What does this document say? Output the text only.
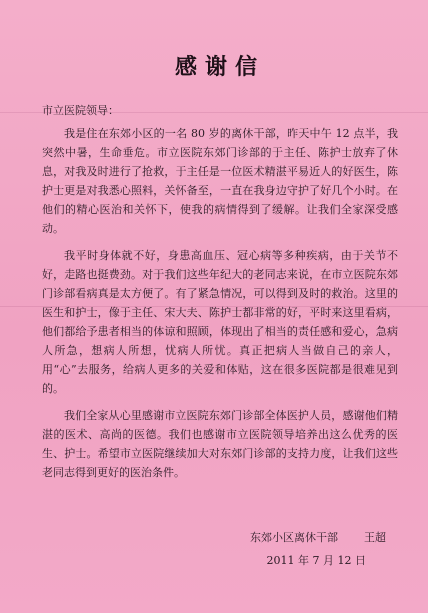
感谢信

市立医院领导：

我是住在东郊小区的一名 80 岁的离休干部，昨天中午 12 点半，我突然中暑，生命垂危。市立医院东郊门诊部的于主任、陈护士放弃了休息，对我及时进行了抢救，于主任是一位医术精湛平易近人的好医生，陈护士更是对我悉心照料，关怀备至，一直在我身边守护了好几个小时。在他们的精心医治和关怀下，使我的病情得到了缓解。让我们全家深受感动。

我平时身体就不好，身患高血压、冠心病等多种疾病，由于关节不好，走路也挺费劲。对于我们这些年纪大的老同志来说，在市立医院东郊门诊部看病真是太方便了。有了紧急情况，可以得到及时的救治。这里的医生和护士，像于主任、宋大夫、陈护士都非常的好，平时来这里看病，他们都给予患者相当的体谅和照顾，体现出了相当的责任感和爱心，急病人所急，想病人所想，忧病人所忧。真正把病人当做自己的亲人，用“心”去服务，给病人更多的关爱和体贴，这在很多医院都是很难见到的。

我们全家从心里感谢市立医院东郊门诊部全体医护人员，感谢他们精湛的医术、高尚的医德。我们也感谢市立医院领导培养出这么优秀的医生、护士。希望市立医院继续加大对东郊门诊部的支持力度，让我们这些老同志得到更好的医治条件。

东郊小区离休干部 王超

2011 年 7 月 12 日
